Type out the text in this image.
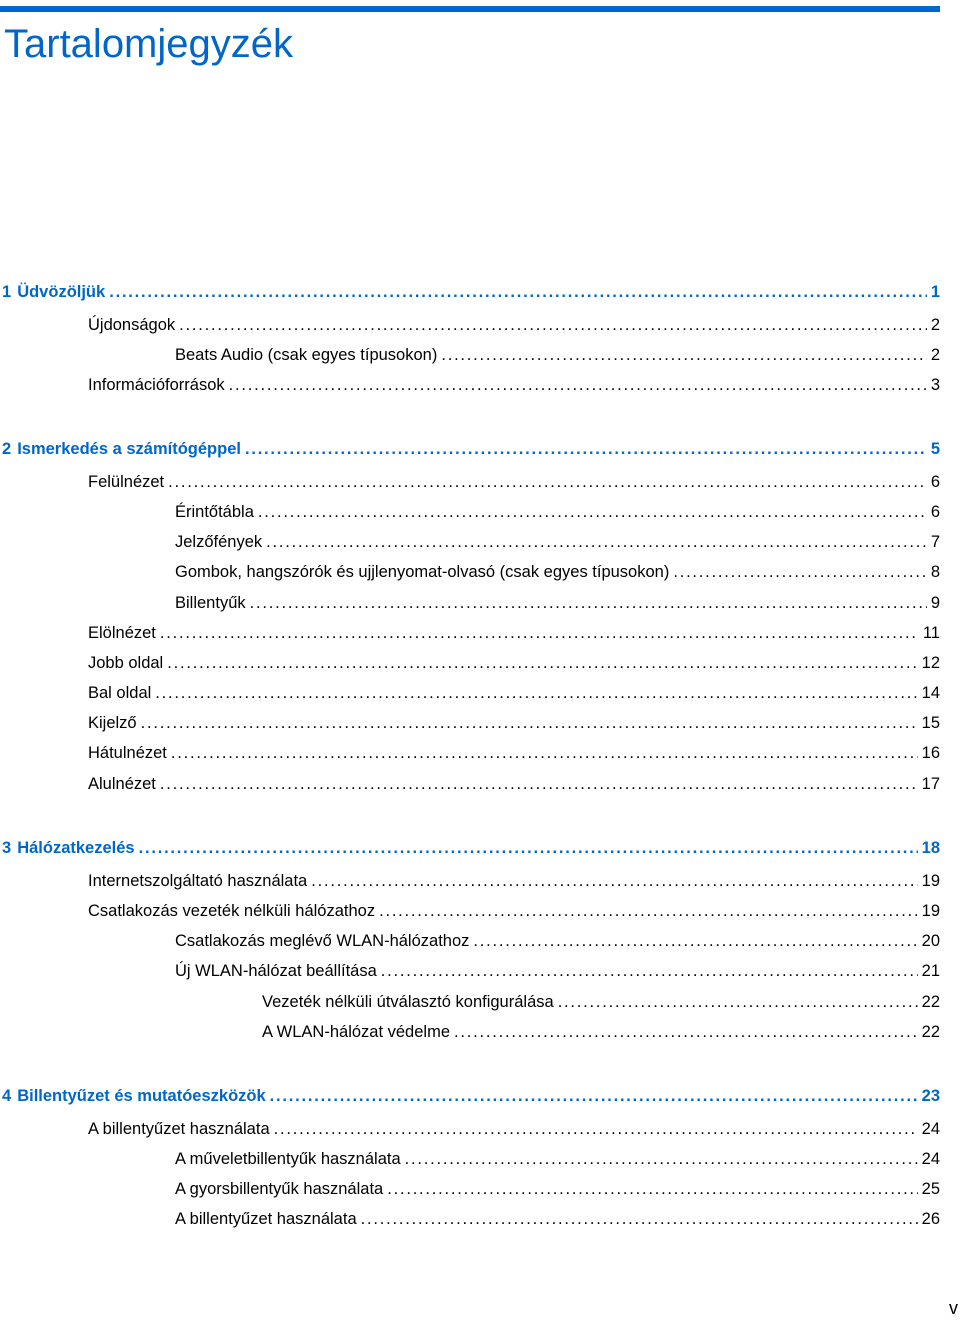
Tartalomjegyzék
1 Üdvözöljük . . .	1
Újdonságok . . .	2
Beats Audio (csak egyes típusokon) . . .	2
Információforrások . . .	3
2 Ismerkedés a számítógéppel . . .	5
Felülnézet . . .	6
Érintőtábla . . .	6
Jelzőfények . . .	7
Gombok, hangszórók és ujjlenyomat-olvasó (csak egyes típusokon) . . .	8
Billentyűk . . .	9
Elölnézet . . .	11
Jobb oldal . . .	12
Bal oldal . . .	14
Kijelző . . .	15
Hátulnézet . . .	16
Alulnézet . . .	17
3 Hálózatkezelés . . .	18
Internetszolgáltató használata . . .	19
Csatlakozás vezeték nélküli hálózathoz . . .	19
Csatlakozás meglévő WLAN-hálózathoz . . .	20
Új WLAN-hálózat beállítása . . .	21
Vezeték nélküli útválasztó konfigurálása . . .	22
A WLAN-hálózat védelme . . .	22
4 Billentyűzet és mutatóeszközök . . .	23
A billentyűzet használata . . .	24
A műveletbillentyűk használata . . .	24
A gyorsbillentyűk használata . . .	25
A billentyűzet használata . . .	26
v
